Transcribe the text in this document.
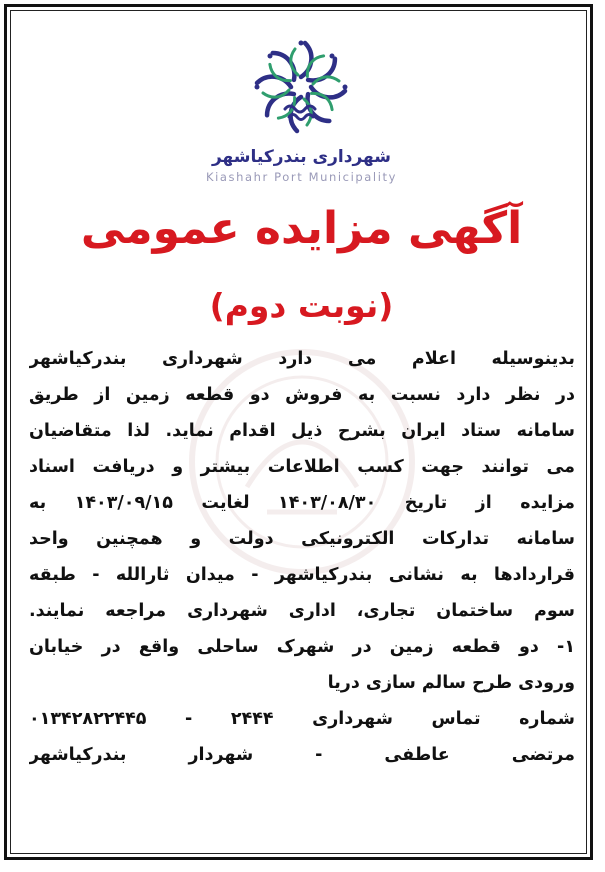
شهرداری بندرکیاشهر
Kiashahr Port Municipality
آگهی مزایده عمومی
(نوبت دوم)
بدینوسیله اعلام می دارد شهرداری بندرکیاشهر
در نظر دارد نسبت به فروش دو قطعه زمین از طریق
سامانه ستاد ایران بشرح ذیل اقدام نماید. لذا متقاضیان
می توانند جهت کسب اطلاعات بیشتر و دریافت اسناد
مزایده از تاریخ ۱۴۰۳/۰۸/۳۰ لغایت ۱۴۰۳/۰۹/۱۵ به
سامانه تدارکات الکترونیکی دولت و همچنین واحد
قراردادها به نشانی بندرکیاشهر - میدان ثارالله - طبقه
سوم ساختمان تجاری، اداری شهرداری مراجعه نمایند.
۱- دو قطعه زمین در شهرک ساحلی واقع در خیابان
ورودی طرح سالم سازی دریا
شماره تماس شهرداری ۲۴۴۴ - ۰۱۳۴۲۸۲۲۴۴۵
مرتضی عاطفی - شهردار بندرکیاشهر
